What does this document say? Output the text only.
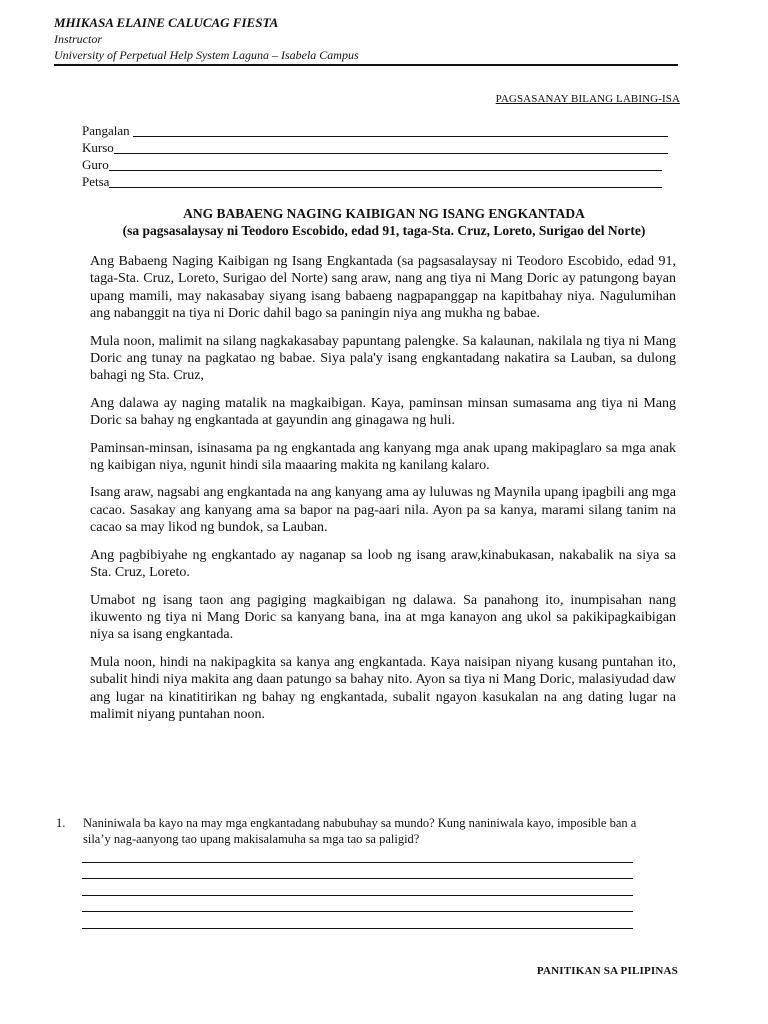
MHIKASA ELAINE CALUCAG FIESTA
Instructor
University of Perpetual Help System Laguna – Isabela Campus
PAGSASANAY BILANG LABING-ISA
Pangalan
Kurso
Guro
Petsa
ANG BABAENG NAGING KAIBIGAN NG ISANG ENGKANTADA
(sa pagsasalaysay ni Teodoro Escobido, edad 91, taga-Sta. Cruz, Loreto, Surigao del Norte)

Ang Babaeng Naging Kaibigan ng Isang Engkantada (sa pagsasalaysay ni Teodoro Escobido, edad 91, taga-Sta. Cruz, Loreto, Surigao del Norte) sang araw, nang ang tiya ni Mang Doric ay patungong bayan upang mamili, may nakasabay siyang isang babaeng nagpapanggap na kapitbahay niya. Nagulumihan ang nabanggit na tiya ni Doric dahil bago sa paningin niya ang mukha ng babae.

Mula noon, malimit na silang nagkakasabay papuntang palengke. Sa kalaunan, nakilala ng tiya ni Mang Doric ang tunay na pagkatao ng babae. Siya pala'y isang engkantadang nakatira sa Lauban, sa dulong bahagi ng Sta. Cruz,

Ang dalawa ay naging matalik na magkaibigan. Kaya, paminsan minsan sumasama ang tiya ni Mang Doric sa bahay ng engkantada at gayundin ang ginagawa ng huli.

Paminsan-minsan, isinasama pa ng engkantada ang kanyang mga anak upang makipaglaro sa mga anak ng kaibigan niya, ngunit hindi sila maaaring makita ng kanilang kalaro.

Isang araw, nagsabi ang engkantada na ang kanyang ama ay luluwas ng Maynila upang ipagbili ang mga cacao. Sasakay ang kanyang ama sa bapor na pag-aari nila. Ayon pa sa kanya, marami silang tanim na cacao sa may likod ng bundok, sa Lauban.

Ang pagbibiyahe ng engkantado ay naganap sa loob ng isang araw,kinabukasan, nakabalik na siya sa Sta. Cruz, Loreto.

Umabot ng isang taon ang pagiging magkaibigan ng dalawa. Sa panahong ito, inumpisahan nang ikuwento ng tiya ni Mang Doric sa kanyang bana, ina at mga kanayon ang ukol sa pakikipagkaibigan niya sa isang engkantada.

Mula noon, hindi na nakipagkita sa kanya ang engkantada. Kaya naisipan niyang kusang puntahan ito, subalit hindi niya makita ang daan patungo sa bahay nito. Ayon sa tiya ni Mang Doric, malasiyudad daw ang lugar na kinatitirikan ng bahay ng engkantada, subalit ngayon kasukalan na ang dating lugar na malimit niyang puntahan noon.

1. Naniniwala ba kayo na may mga engkantadang nabubuhay sa mundo? Kung naniniwala kayo, imposible ban a sila’y nag-aanyong tao upang makisalamuha sa mga tao sa paligid?
PANITIKAN SA PILIPINAS
